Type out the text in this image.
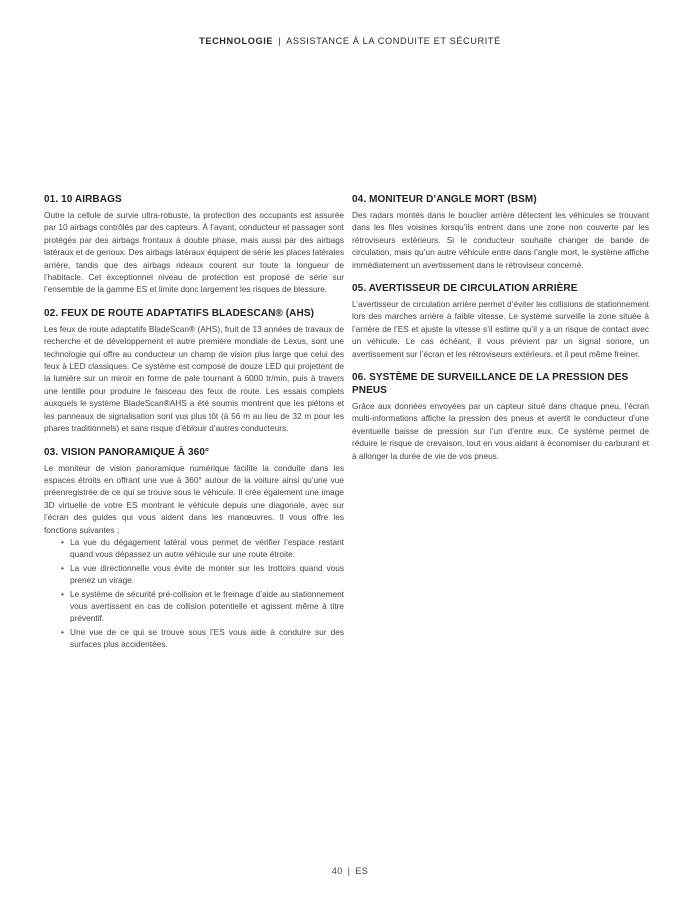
TECHNOLOGIE | ASSISTANCE À LA CONDUITE ET SÉCURITÉ
01. 10 AIRBAGS

Outre la cellule de survie ultra-robuste, la protection des occupants est assurée par 10 airbags contrôlés par des capteurs. À l’avant, conducteur et passager sont protégés par des airbags frontaux à double phase, mais aussi par des airbags latéraux et de genoux. Des airbags latéraux équipent de série les places latérales arrière, tandis que des airbags rideaux courent sur toute la longueur de l’habitacle. Cet exceptionnel niveau de protection est proposé de série sur l’ensemble de la gamme ES et limite donc largement les risques de blessure.

02. FEUX DE ROUTE ADAPTATIFS BLADESCAN® (AHS)

Les feux de route adaptatifs BladeScan® (AHS), fruit de 13 années de travaux de recherche et de développement et autre première mondiale de Lexus, sont une technologie qui offre au conducteur un champ de vision plus large que celui des feux à LED classiques. Ce système est composé de douze LED qui projettent de la lumière sur un miroir en forme de pale tournant à 6000 tr/min, puis à travers une lentille pour produire le faisceau des feux de route. Les essais complets auxquels le système BladeScan®AHS a été soumis montrent que les piétons et les panneaux de signalisation sont vus plus tôt (à 56 m au lieu de 32 m pour les phares traditionnels) et sans risque d’éblouir d’autres conducteurs.

03. VISION PANORAMIQUE À 360°

Le moniteur de vision panoramique numérique facilite la conduite dans les espaces étroits en offrant une vue à 360° autour de la voiture ainsi qu’une vue préenregistrée de ce qui se trouve sous le véhicule. Il crée également une image 3D virtuelle de votre ES montrant le véhicule depuis une diagonale, avec sur l’écran des guides qui vous aident dans les manœuvres. Il vous offre les fonctions suivantes :

• La vue du dégagement latéral vous permet de vérifier l’espace restant quand vous dépassez un autre véhicule sur une route étroite.
• La vue directionnelle vous évite de monter sur les trottoirs quand vous prenez un virage.
• Le système de sécurité pré-collision et le freinage d’aide au stationnement vous avertissent en cas de collision potentielle et agissent même à titre préventif.
• Une vue de ce qui se trouve sous l’ES vous aide à conduire sur des surfaces plus accidentées.
04. MONITEUR D’ANGLE MORT (BSM)

Des radars montés dans le bouclier arrière détectent les véhicules se trouvant dans les files voisines lorsqu’ils entrent dans une zone non couverte par les rétroviseurs extérieurs. Si le conducteur souhaite changer de bande de circulation, mais qu’un autre véhicule entre dans l’angle mort, le système affiche immédiatement un avertissement dans le rétroviseur concerné.

05. AVERTISSEUR DE CIRCULATION ARRIÈRE

L’avertisseur de circulation arrière permet d’éviter les collisions de stationnement lors des marches arrière à faible vitesse. Le système surveille la zone située à l’arrière de l’ES et ajuste la vitesse s’il estime qu’il y a un risque de contact avec un véhicule. Le cas échéant, il vous prévient par un signal sonore, un avertissement sur l’écran et les rétroviseurs extérieurs, et il peut même freiner.

06. SYSTÈME DE SURVEILLANCE DE LA PRESSION DES PNEUS

Grâce aux données envoyées par un capteur situé dans chaque pneu, l’écran multi-informations affiche la pression des pneus et avertit le conducteur d’une éventuelle baisse de pression sur l’un d’entre eux. Ce système permet de réduire le risque de crevaison, tout en vous aidant à économiser du carburant et à allonger la durée de vie de vos pneus.

40 | ES
